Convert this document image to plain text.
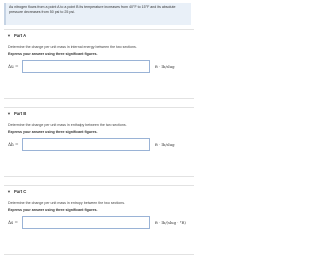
As nitrogen flows from a point A to a point B its temperature increases from 40°F to 15°F and its absolute pressure decreases from 50 psi to 25 psi.
▼ Part A
Determine the change per unit mass in internal energy between the two sections.
Express your answer using three significant figures.
Δu =	ft · lb/slug
▼ Part B
Determine the change per unit mass in enthalpy between the two sections.
Express your answer using three significant figures.
Δh =	ft · lb/slug
▼ Part C
Determine the change per unit mass in entropy between the two sections.
Express your answer using three significant figures.
Δs =	ft · lb/(slug · °R)
